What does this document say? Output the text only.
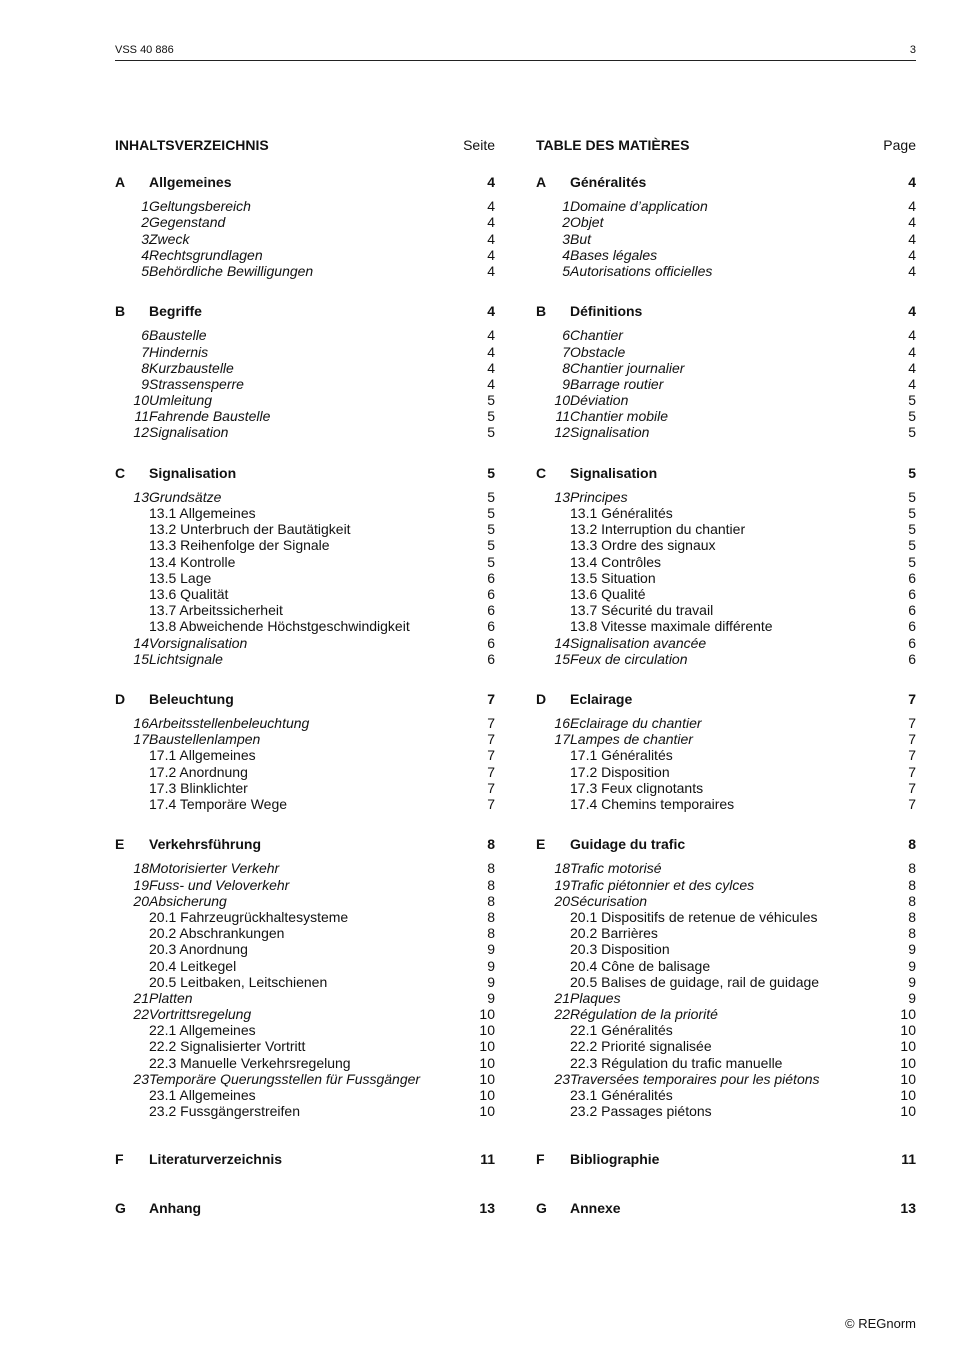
VSS 40 886	3
INHALTSVERZEICHNIS	Seite
A Allgemeines	4
1 Geltungsbereich	4
2 Gegenstand	4
3 Zweck	4
4 Rechtsgrundlagen	4
5 Behördliche Bewilligungen	4
B Begriffe	4
6 Baustelle	4
7 Hindernis	4
8 Kurzbaustelle	4
9 Strassensperre	4
10 Umleitung	5
11 Fahrende Baustelle	5
12 Signalisation	5
C Signalisation	5
13 Grundsätze	5
13.1 Allgemeines	5
13.2 Unterbruch der Bautätigkeit	5
13.3 Reihenfolge der Signale	5
13.4 Kontrolle	5
13.5 Lage	6
13.6 Qualität	6
13.7 Arbeitssicherheit	6
13.8 Abweichende Höchstgeschwindigkeit	6
14 Vorsignalisation	6
15 Lichtsignale	6
D Beleuchtung	7
16 Arbeitsstellenbeleuchtung	7
17 Baustellenlampen	7
17.1 Allgemeines	7
17.2 Anordnung	7
17.3 Blinklichter	7
17.4 Temporäre Wege	7
E Verkehrsführung	8
18 Motorisierter Verkehr	8
19 Fuss- und Veloverkehr	8
20 Absicherung	8
20.1 Fahrzeugrückhaltesysteme	8
20.2 Abschrankungen	8
20.3 Anordnung	9
20.4 Leitkegel	9
20.5 Leitbaken, Leitschienen	9
21 Platten	9
22 Vortrittsregelung	10
22.1 Allgemeines	10
22.2 Signalisierter Vortritt	10
22.3 Manuelle Verkehrsregelung	10
23 Temporäre Querungsstellen für Fussgänger	10
23.1 Allgemeines	10
23.2 Fussgängerstreifen	10
F Literaturverzeichnis	11
G Anhang	13
TABLE DES MATIÈRES	Page
A Généralités	4
1 Domaine d’application	4
2 Objet	4
3 But	4
4 Bases légales	4
5 Autorisations officielles	4
B Définitions	4
6 Chantier	4
7 Obstacle	4
8 Chantier journalier	4
9 Barrage routier	4
10 Déviation	5
11 Chantier mobile	5
12 Signalisation	5
C Signalisation	5
13 Principes	5
13.1 Généralités	5
13.2 Interruption du chantier	5
13.3 Ordre des signaux	5
13.4 Contrôles	5
13.5 Situation	6
13.6 Qualité	6
13.7 Sécurité du travail	6
13.8 Vitesse maximale différente	6
14 Signalisation avancée	6
15 Feux de circulation	6
D Eclairage	7
16 Eclairage du chantier	7
17 Lampes de chantier	7
17.1 Généralités	7
17.2 Disposition	7
17.3 Feux clignotants	7
17.4 Chemins temporaires	7
E Guidage du trafic	8
18 Trafic motorisé	8
19 Trafic piétonnier et des cylces	8
20 Sécurisation	8
20.1 Dispositifs de retenue de véhicules	8
20.2 Barrières	8
20.3 Disposition	9
20.4 Cône de balisage	9
20.5 Balises de guidage, rail de guidage	9
21 Plaques	9
22 Régulation de la priorité	10
22.1 Généralités	10
22.2 Priorité signalisée	10
22.3 Régulation du trafic manuelle	10
23 Traversées temporaires pour les piétons	10
23.1 Généralités	10
23.2 Passages piétons	10
F Bibliographie	11
G Annexe	13
© REGnorm
